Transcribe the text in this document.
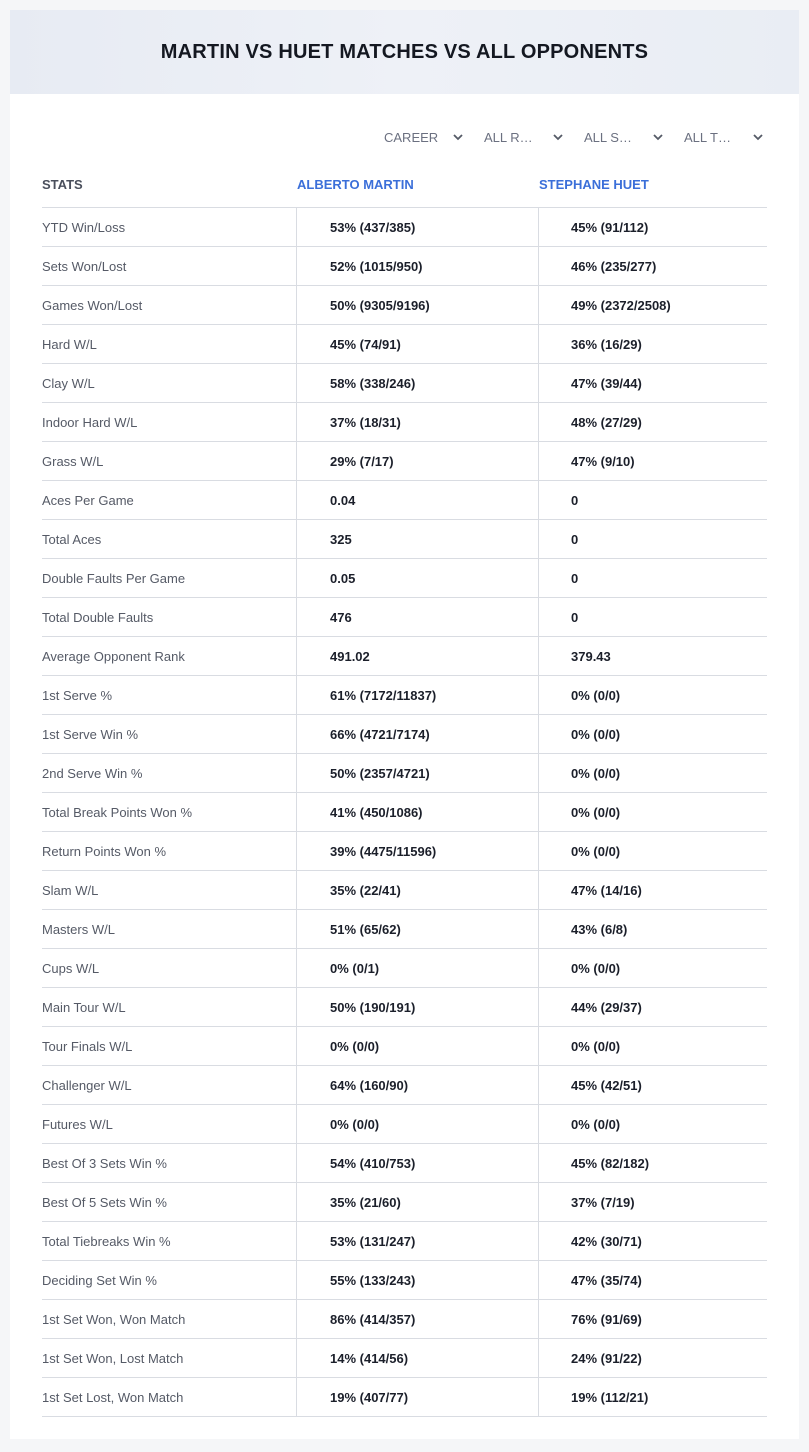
MARTIN VS HUET MATCHES VS ALL OPPONENTS
CAREER	ALL R…	ALL S…	ALL T…
STATS	ALBERTO MARTIN	STEPHANE HUET
YTD Win/Loss	53% (437/385)	45% (91/112)
Sets Won/Lost	52% (1015/950)	46% (235/277)
Games Won/Lost	50% (9305/9196)	49% (2372/2508)
Hard W/L	45% (74/91)	36% (16/29)
Clay W/L	58% (338/246)	47% (39/44)
Indoor Hard W/L	37% (18/31)	48% (27/29)
Grass W/L	29% (7/17)	47% (9/10)
Aces Per Game	0.04	0
Total Aces	325	0
Double Faults Per Game	0.05	0
Total Double Faults	476	0
Average Opponent Rank	491.02	379.43
1st Serve %	61% (7172/11837)	0% (0/0)
1st Serve Win %	66% (4721/7174)	0% (0/0)
2nd Serve Win %	50% (2357/4721)	0% (0/0)
Total Break Points Won %	41% (450/1086)	0% (0/0)
Return Points Won %	39% (4475/11596)	0% (0/0)
Slam W/L	35% (22/41)	47% (14/16)
Masters W/L	51% (65/62)	43% (6/8)
Cups W/L	0% (0/1)	0% (0/0)
Main Tour W/L	50% (190/191)	44% (29/37)
Tour Finals W/L	0% (0/0)	0% (0/0)
Challenger W/L	64% (160/90)	45% (42/51)
Futures W/L	0% (0/0)	0% (0/0)
Best Of 3 Sets Win %	54% (410/753)	45% (82/182)
Best Of 5 Sets Win %	35% (21/60)	37% (7/19)
Total Tiebreaks Win %	53% (131/247)	42% (30/71)
Deciding Set Win %	55% (133/243)	47% (35/74)
1st Set Won, Won Match	86% (414/357)	76% (91/69)
1st Set Won, Lost Match	14% (414/56)	24% (91/22)
1st Set Lost, Won Match	19% (407/77)	19% (112/21)
